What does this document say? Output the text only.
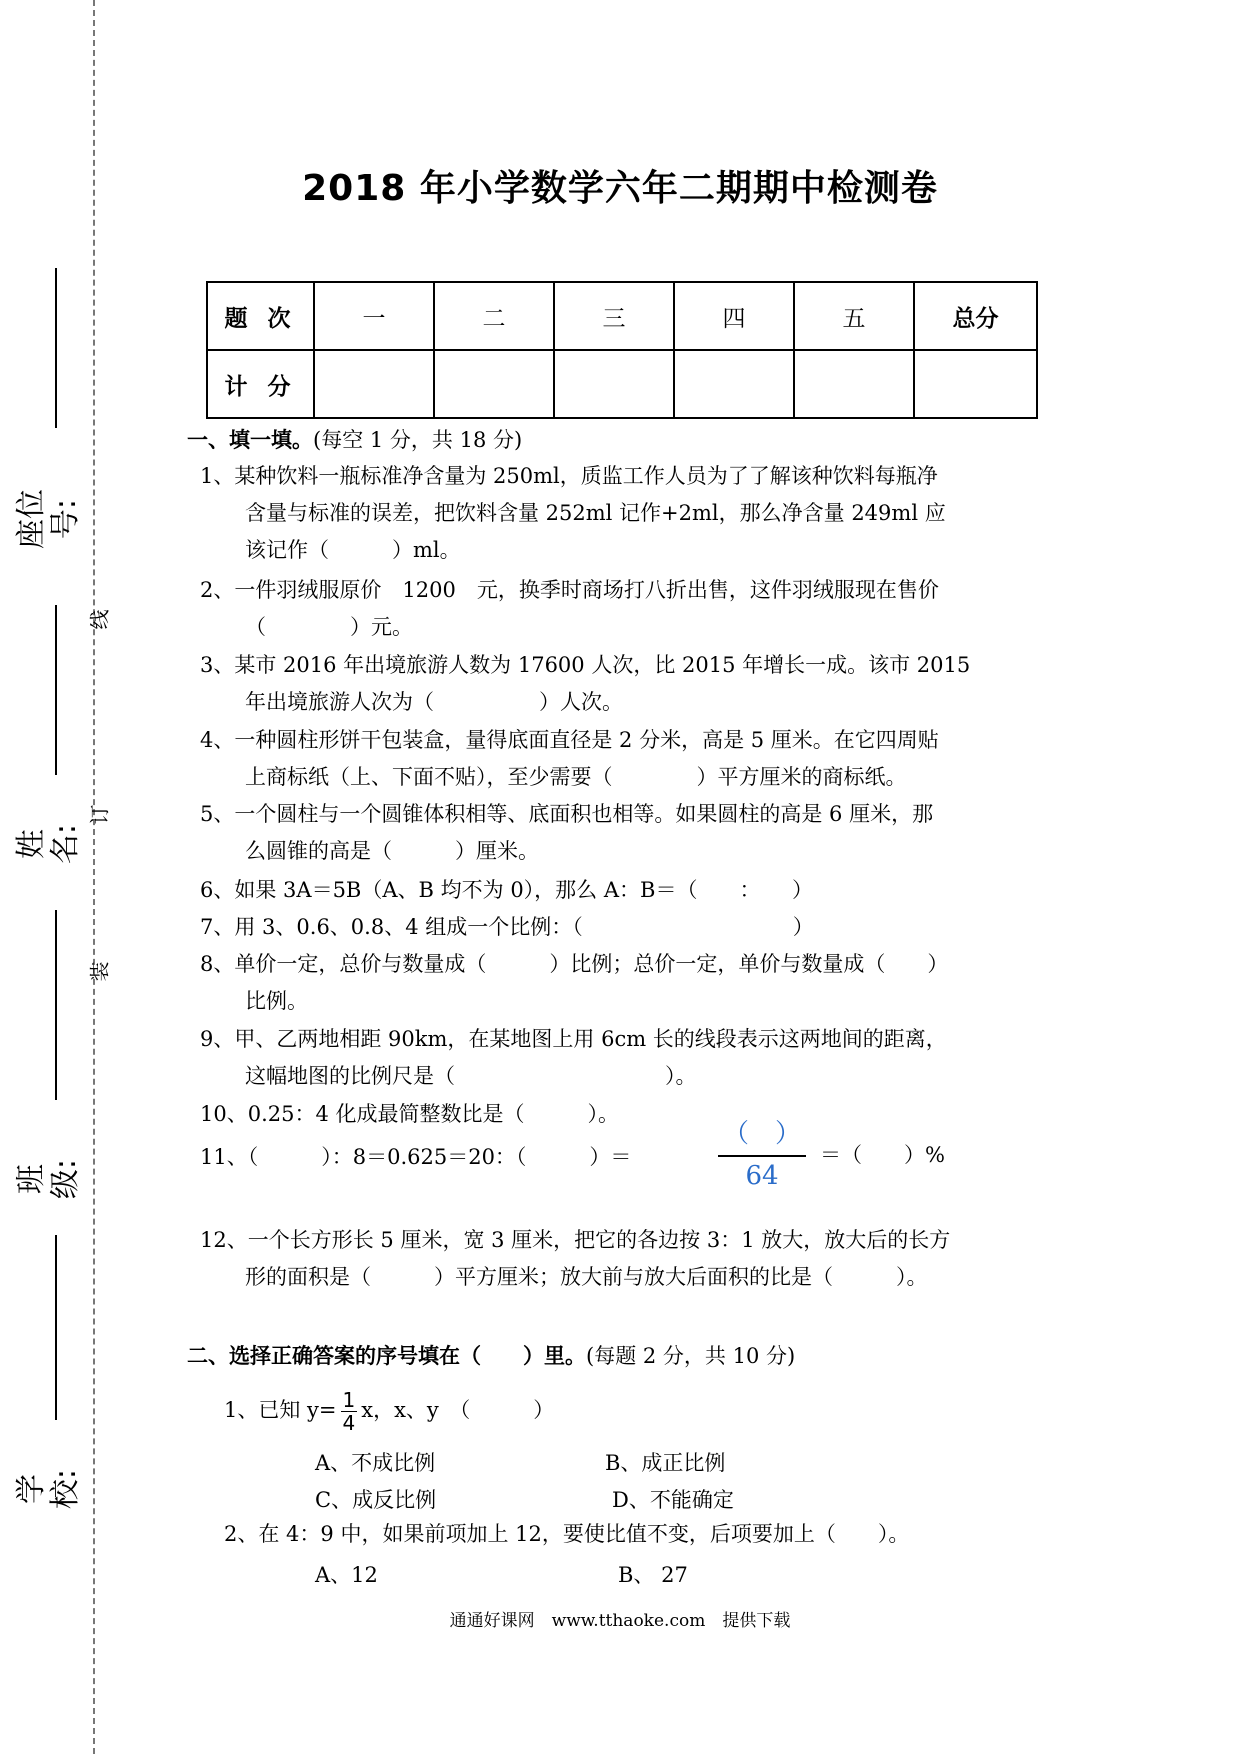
学校:
班级:
姓名:
座位号:
线
订
装
2018 年小学数学六年二期期中检测卷
题 次	一	二	三	四	五	总分
计 分						
一、填一填。(每空 1 分，共 18 分)
1、某种饮料一瓶标准净含量为 250ml，质监工作人员为了了解该种饮料每瓶净
含量与标准的误差，把饮料含量 252ml 记作+2ml，那么净含量 249ml 应
该记作（　　　）ml。
2、一件羽绒服原价　1200　元，换季时商场打八折出售，这件羽绒服现在售价
（　　　　）元。
3、某市 2016 年出境旅游人数为 17600 人次，比 2015 年增长一成。该市 2015
年出境旅游人次为（　　　　　）人次。
4、一种圆柱形饼干包装盒，量得底面直径是 2 分米，高是 5 厘米。在它四周贴
上商标纸（上、下面不贴），至少需要（　　　　）平方厘米的商标纸。
5、一个圆柱与一个圆锥体积相等、底面积也相等。如果圆柱的高是 6 厘米，那
么圆锥的高是（　　　）厘米。
6、如果 3A＝5B（A、B 均不为 0），那么 A：B＝（　　：　　）
7、用 3、0.6、0.8、4 组成一个比例：（　　　　　　　　　　）
8、单价一定，总价与数量成（　　　）比例；总价一定，单价与数量成（　　）
比例。
9、甲、乙两地相距 90km，在某地图上用 6cm 长的线段表示这两地间的距离，
这幅地图的比例尺是（　　　　　　　　　　）。
10、0.25：4 化成最简整数比是（　　　）。
11、（　　　）：8＝0.625＝20：（　　　）＝
（　）
64
＝（　　）%
12、一个长方形长 5 厘米，宽 3 厘米，把它的各边按 3：1 放大，放大后的长方
形的面积是（　　　）平方厘米；放大前与放大后面积的比是（　　　）。
二、选择正确答案的序号填在（　　）里。(每题 2 分，共 10 分)
1、已知 $y= \frac{1}{4}$ x，x、y　（　　　）
A、不成比例	B、成正比例
C、成反比例	D、不能确定
2、在 4：9 中，如果前项加上 12，要使比值不变，后项要加上（　　）。
A、12	B、 27
通通好课网　www.tthaoke.com　提供下载
